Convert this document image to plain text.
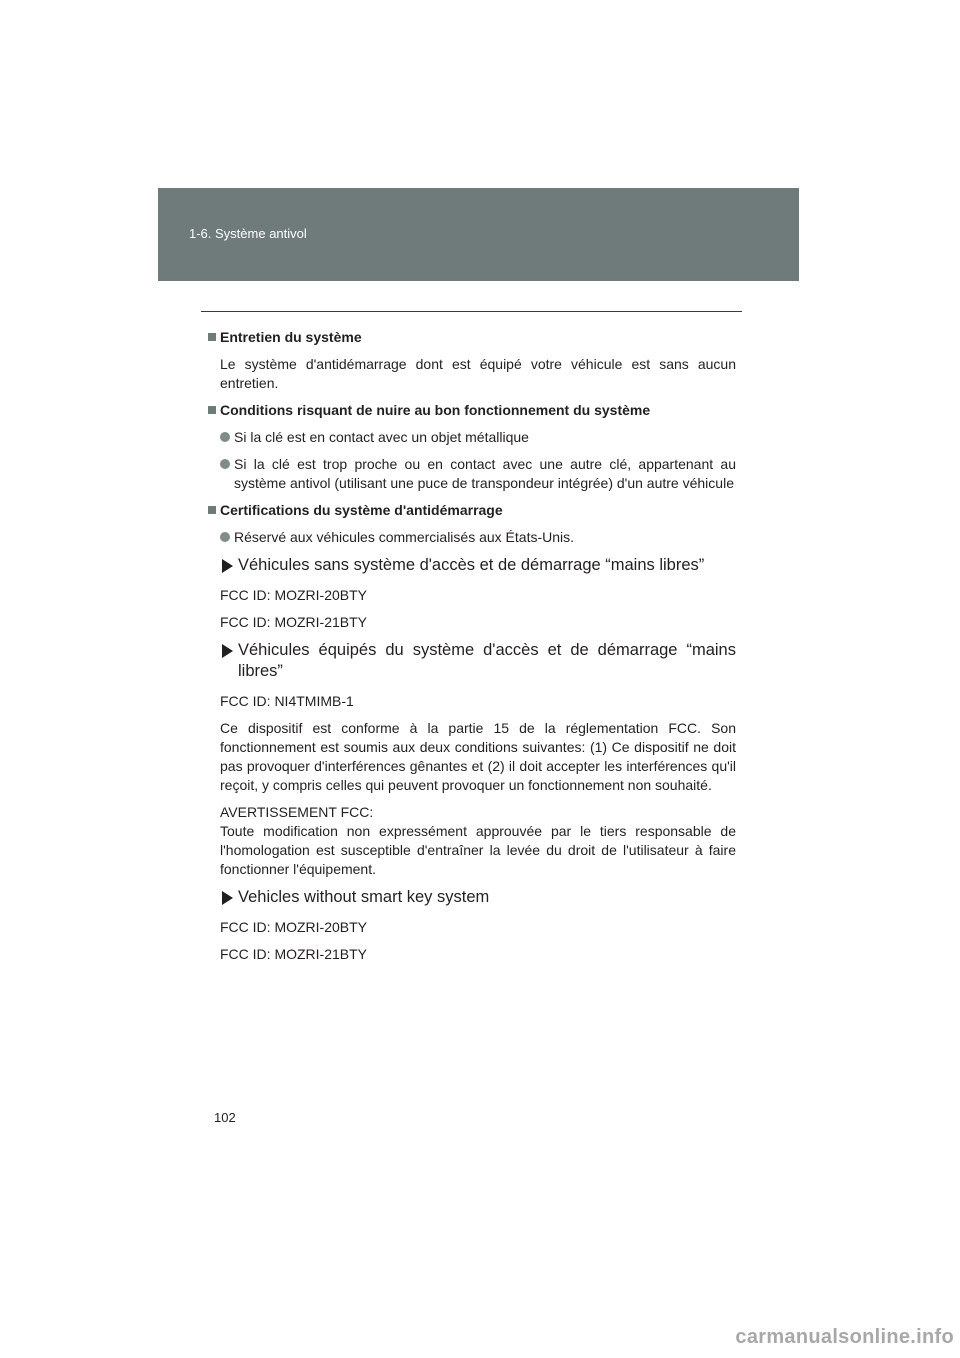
1-6. Système antivol
Entretien du système

Le système d'antidémarrage dont est équipé votre véhicule est sans aucun entretien.

Conditions risquant de nuire au bon fonctionnement du système
Si la clé est en contact avec un objet métallique
Si la clé est trop proche ou en contact avec une autre clé, appartenant au système antivol (utilisant une puce de transpondeur intégrée) d'un autre véhicule
Certifications du système d'antidémarrage
Réservé aux véhicules commercialisés aux États-Unis.
Véhicules sans système d'accès et de démarrage “mains libres”
FCC ID: MOZRI-20BTY
FCC ID: MOZRI-21BTY
Véhicules équipés du système d'accès et de démarrage “mains libres”
FCC ID: NI4TMIMB-1

Ce dispositif est conforme à la partie 15 de la réglementation FCC. Son fonctionnement est soumis aux deux conditions suivantes: (1) Ce dispositif ne doit pas provoquer d'interférences gênantes et (2) il doit accepter les interférences qu'il reçoit, y compris celles qui peuvent provoquer un fonctionnement non souhaité.

AVERTISSEMENT FCC:
Toute modification non expressément approuvée par le tiers responsable de l'homologation est susceptible d'entraîner la levée du droit de l'utilisateur à faire fonctionner l'équipement.

Vehicles without smart key system
FCC ID: MOZRI-20BTY
FCC ID: MOZRI-21BTY
102
carmanualsonline.info
